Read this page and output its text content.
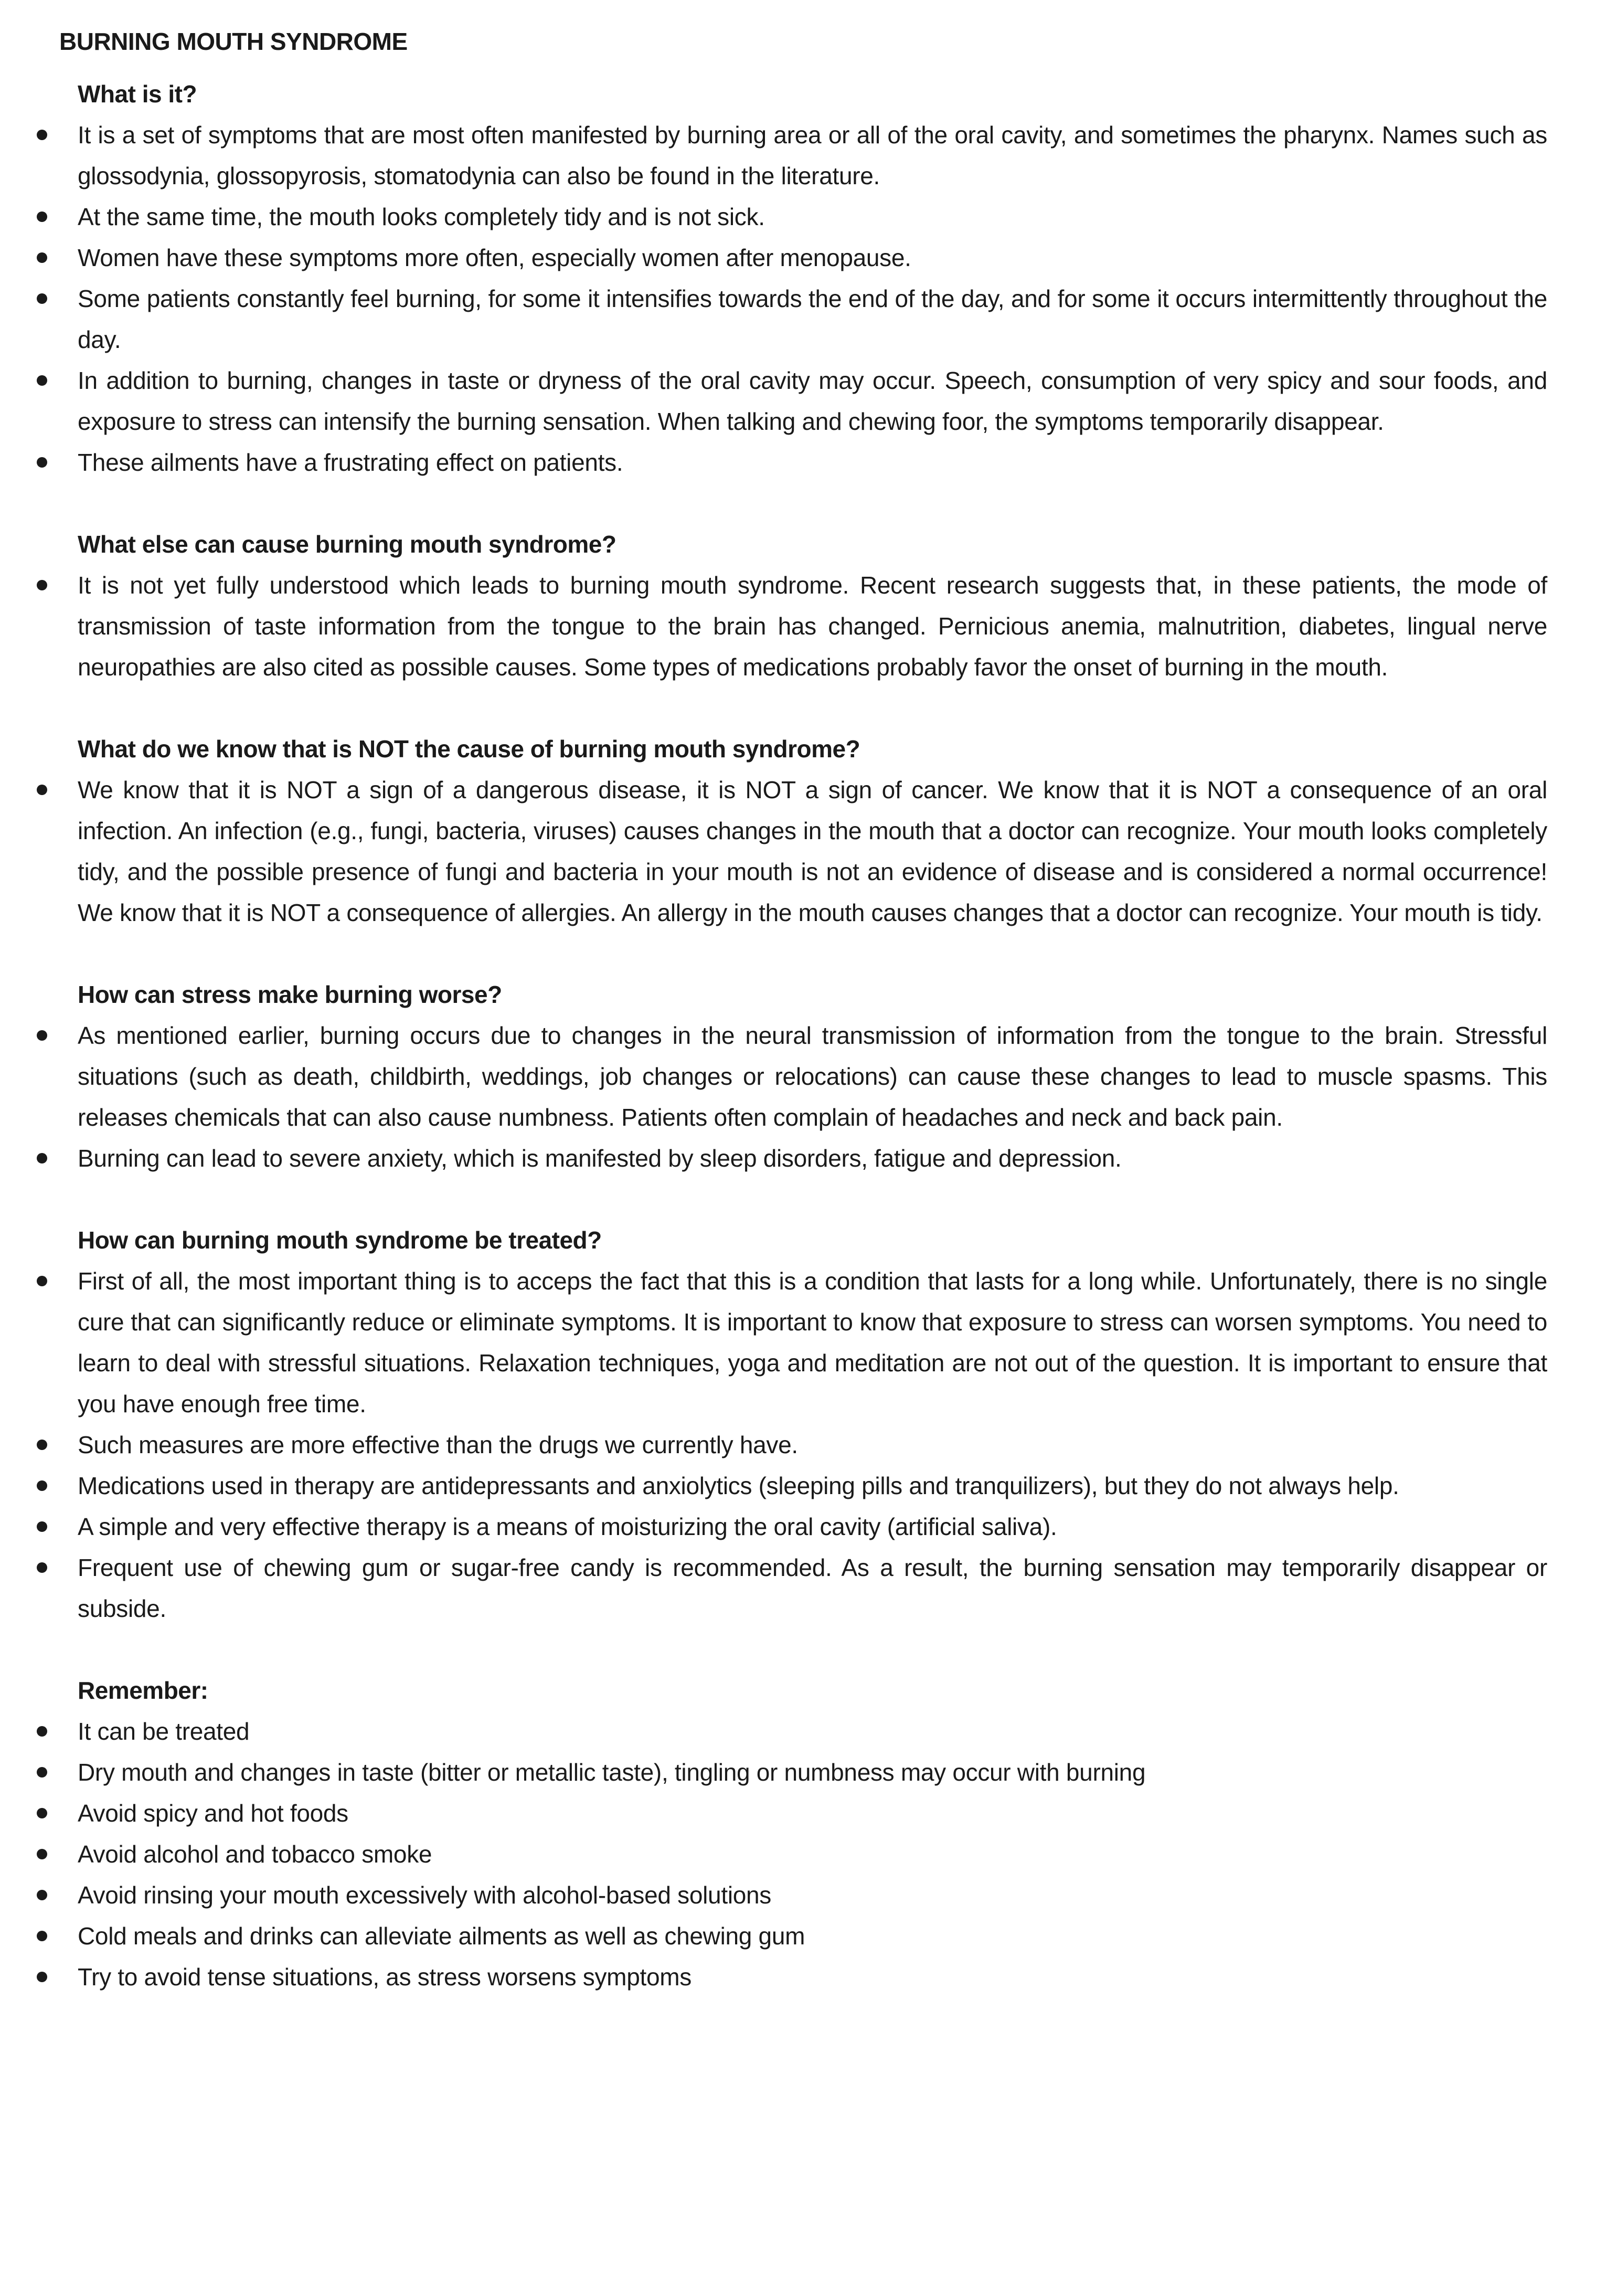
BURNING MOUTH SYNDROME
What is it?
It is a set of symptoms that are most often manifested by burning area or all of the oral cavity, and sometimes the pharynx. Names such as glossodynia, glossopyrosis, stomatodynia can also be found in the literature.
At the same time, the mouth looks completely tidy and is not sick.
Women have these symptoms more often, especially women after menopause.
Some patients constantly feel burning, for some it intensifies towards the end of the day, and for some it occurs intermittently throughout the day.
In addition to burning, changes in taste or dryness of the oral cavity may occur. Speech, consumption of very spicy and sour foods, and exposure to stress can intensify the burning sensation. When talking and chewing foor, the symptoms temporarily disappear.
These ailments have a frustrating effect on patients.
What else can cause burning mouth syndrome?
It is not yet fully understood which leads to burning mouth syndrome. Recent research suggests that, in these patients, the mode of transmission of taste information from the tongue to the brain has changed. Pernicious anemia, malnutrition, diabetes, lingual nerve neuropathies are also cited as possible causes. Some types of medications probably favor the onset of burning in the mouth.
What do we know that is NOT the cause of burning mouth syndrome?
We know that it is NOT a sign of a dangerous disease, it is NOT a sign of cancer. We know that it is NOT a consequence of an oral infection. An infection (e.g., fungi, bacteria, viruses) causes changes in the mouth that a doctor can recognize. Your mouth looks completely tidy, and the possible presence of fungi and bacteria in your mouth is not an evidence of disease and is considered a normal occurrence! We know that it is NOT a consequence of allergies. An allergy in the mouth causes changes that a doctor can recognize. Your mouth is tidy.
How can stress make burning worse?
As mentioned earlier, burning occurs due to changes in the neural transmission of information from the tongue to the brain. Stressful situations (such as death, childbirth, weddings, job changes or relocations) can cause these changes to lead to muscle spasms. This releases chemicals that can also cause numbness. Patients often complain of headaches and neck and back pain.
Burning can lead to severe anxiety, which is manifested by sleep disorders, fatigue and depression.
How can burning mouth syndrome be treated?
First of all, the most important thing is to acceps the fact that this is a condition that lasts for a long while. Unfortunately, there is no single cure that can significantly reduce or eliminate symptoms. It is important to know that exposure to stress can worsen symptoms. You need to learn to deal with stressful situations. Relaxation techniques, yoga and meditation are not out of the question. It is important to ensure that you have enough free time.
Such measures are more effective than the drugs we currently have.
Medications used in therapy are antidepressants and anxiolytics (sleeping pills and tranquilizers), but they do not always help.
A simple and very effective therapy is a means of moisturizing the oral cavity (artificial saliva).
Frequent use of chewing gum or sugar-free candy is recommended. As a result, the burning sensation may temporarily disappear or subside.
Remember:
It can be treated
Dry mouth and changes in taste (bitter or metallic taste), tingling or numbness may occur with burning
Avoid spicy and hot foods
Avoid alcohol and tobacco smoke
Avoid rinsing your mouth excessively with alcohol-based solutions
Cold meals and drinks can alleviate ailments as well as chewing gum
Try to avoid tense situations, as stress worsens symptoms
